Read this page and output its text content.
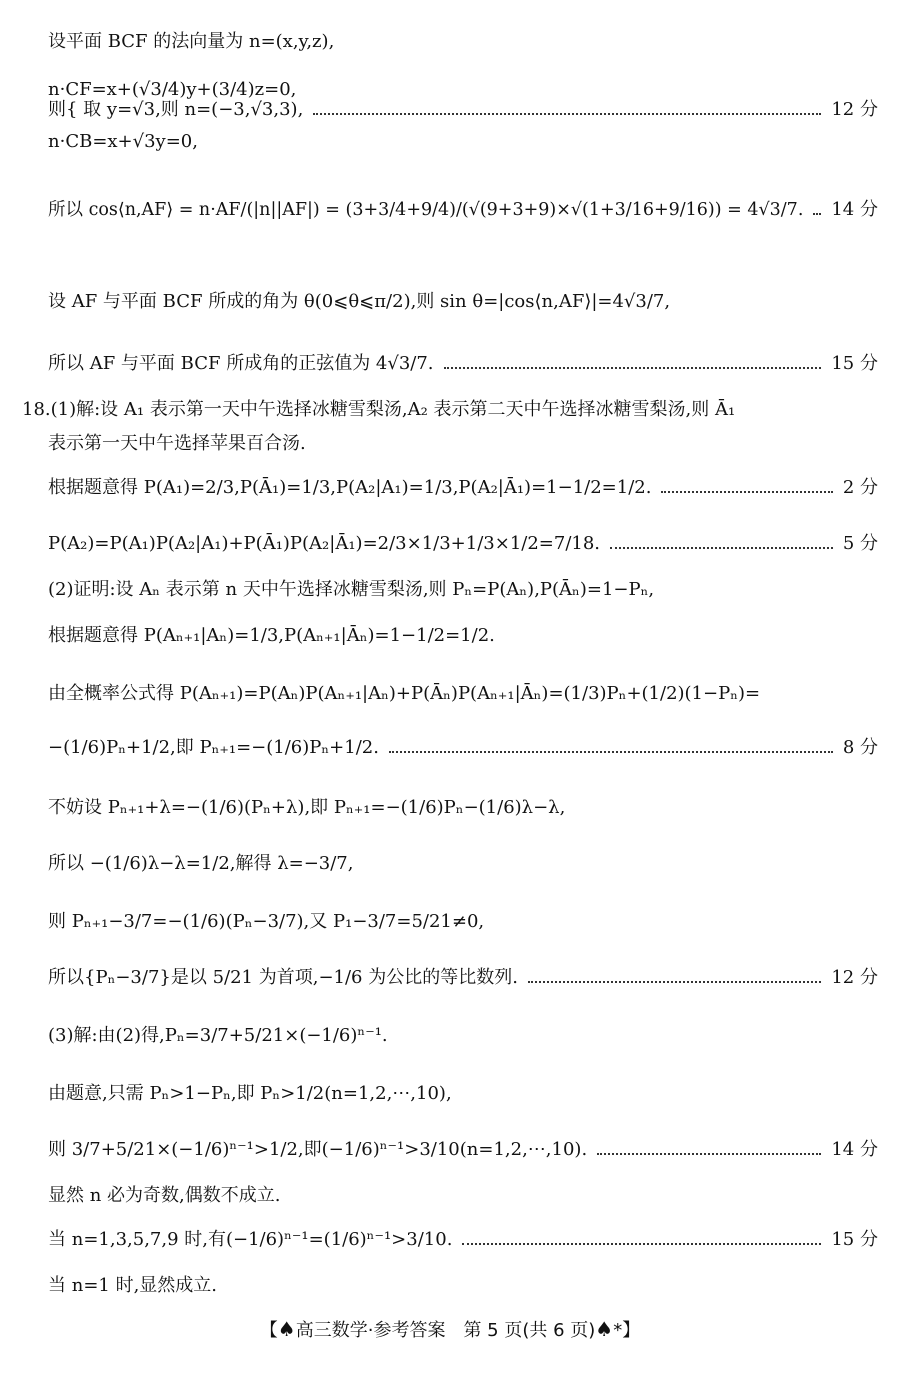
设平面 BCF 的法向量为 n=(x,y,z),
n·CF=x+(√3/4)y+(3/4)z=0,
则{ 取 y=√3,则 n=(−3,√3,3),	12 分
n·CB=x+√3y=0,
所以 cos⟨n,AF⟩ = n·AF/(|n||AF|) = (3+3/4+9/4)/(√(9+3+9)×√(1+3/16+9/16)) = 4√3/7. 14 分
设 AF 与平面 BCF 所成的角为 θ(0⩽θ⩽π/2),则 sin θ=|cos⟨n,AF⟩|=4√3/7,
所以 AF 与平面 BCF 所成角的正弦值为 4√3/7.	15 分
18.(1)解:设 A₁ 表示第一天中午选择冰糖雪梨汤,A₂ 表示第二天中午选择冰糖雪梨汤,则 Ā₁
表示第一天中午选择苹果百合汤.
根据题意得 P(A₁)=2/3,P(Ā₁)=1/3,P(A₂|A₁)=1/3,P(A₂|Ā₁)=1−1/2=1/2.	2 分
P(A₂)=P(A₁)P(A₂|A₁)+P(Ā₁)P(A₂|Ā₁)=2/3×1/3+1/3×1/2=7/18.	5 分
(2)证明:设 Aₙ 表示第 n 天中午选择冰糖雪梨汤,则 Pₙ=P(Aₙ),P(Āₙ)=1−Pₙ,
根据题意得 P(Aₙ₊₁|Aₙ)=1/3,P(Aₙ₊₁|Āₙ)=1−1/2=1/2.
由全概率公式得 P(Aₙ₊₁)=P(Aₙ)P(Aₙ₊₁|Aₙ)+P(Āₙ)P(Aₙ₊₁|Āₙ)=(1/3)Pₙ+(1/2)(1−Pₙ)=
−(1/6)Pₙ+1/2,即 Pₙ₊₁=−(1/6)Pₙ+1/2.	8 分
不妨设 Pₙ₊₁+λ=−(1/6)(Pₙ+λ),即 Pₙ₊₁=−(1/6)Pₙ−(1/6)λ−λ,
所以 −(1/6)λ−λ=1/2,解得 λ=−3/7,
则 Pₙ₊₁−3/7=−(1/6)(Pₙ−3/7),又 P₁−3/7=5/21≠0,
所以{Pₙ−3/7}是以 5/21 为首项,−1/6 为公比的等比数列.	12 分
(3)解:由(2)得,Pₙ=3/7+5/21×(−1/6)ⁿ⁻¹.
由题意,只需 Pₙ>1−Pₙ,即 Pₙ>1/2(n=1,2,⋯,10),
则 3/7+5/21×(−1/6)ⁿ⁻¹>1/2,即(−1/6)ⁿ⁻¹>3/10(n=1,2,⋯,10).	14 分
显然 n 必为奇数,偶数不成立.
当 n=1,3,5,7,9 时,有(−1/6)ⁿ⁻¹=(1/6)ⁿ⁻¹>3/10.	15 分
当 n=1 时,显然成立.
【♠高三数学·参考答案　第 5 页(共 6 页)♠*】
